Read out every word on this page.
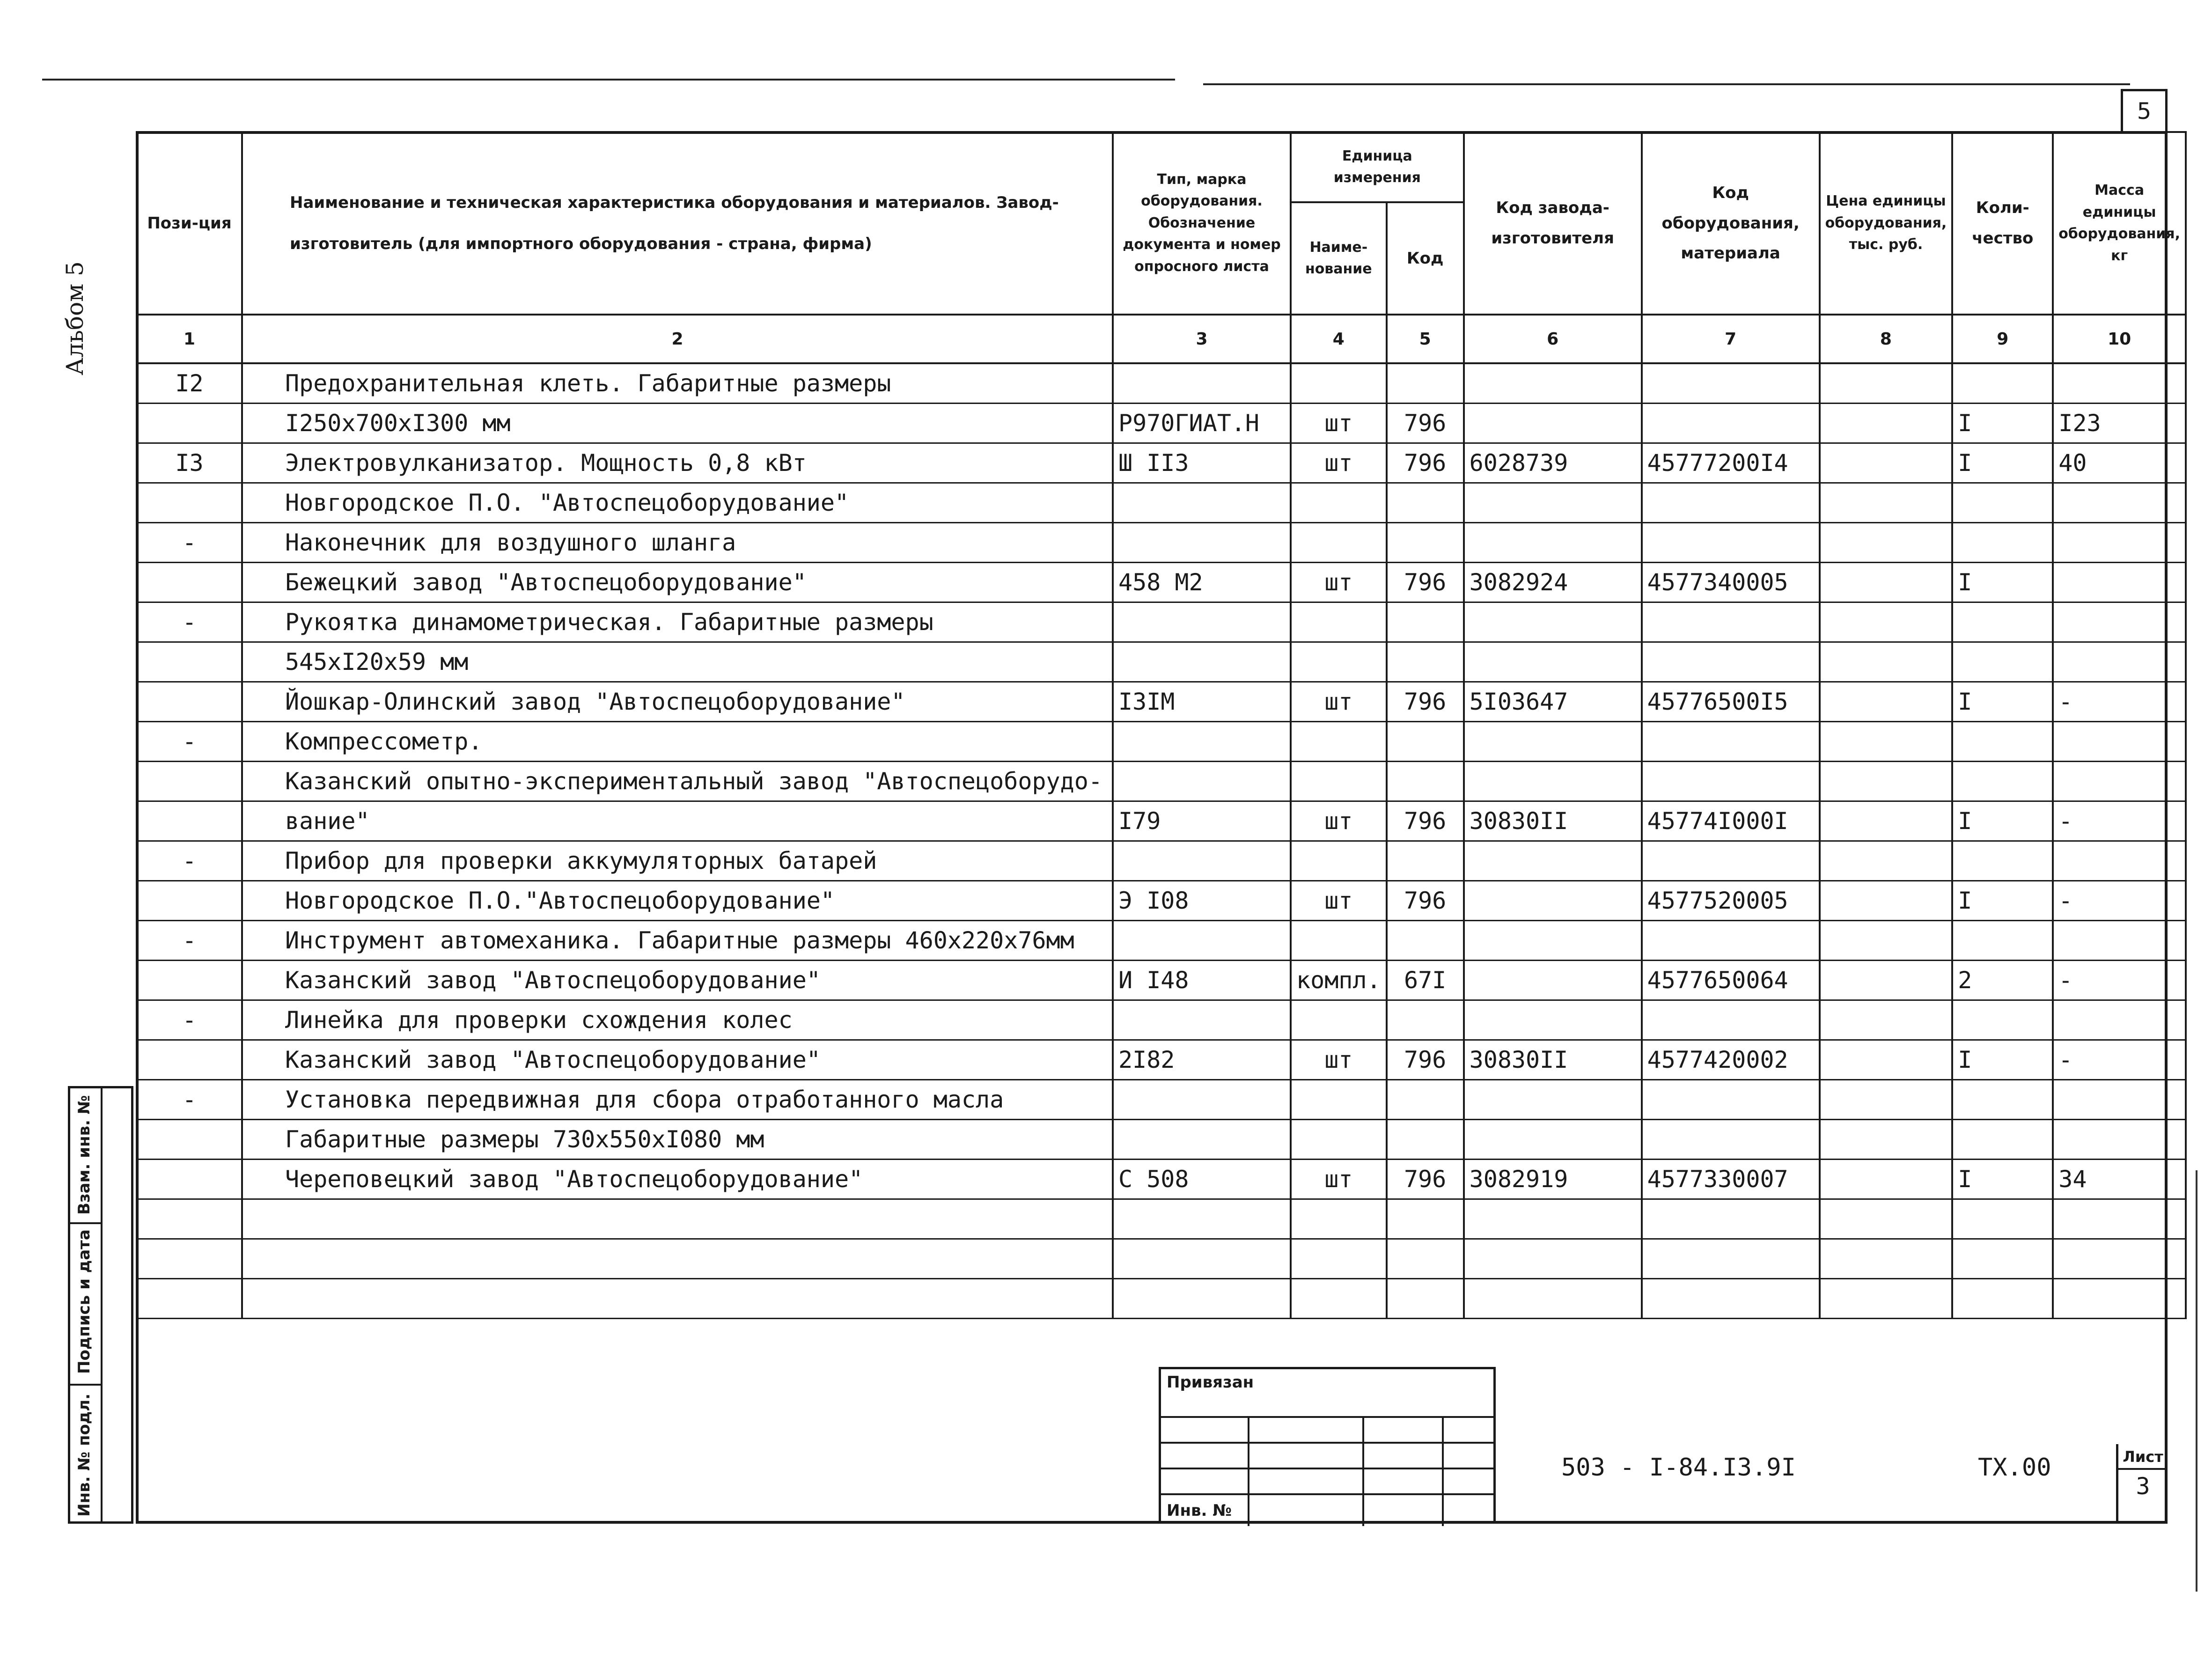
5
Альбом 5
Пози-ция	Наименование и техническая характеристика оборудования и материалов. Завод-изготовитель (для импортного оборудования - страна, фирма)	Тип, марка оборудования. Обозначение документа и номер опросного листа	Единица измерения		Код завода-изготовителя	Код оборудования, материала	Цена единицы оборудования, тыс. руб.	Коли-чество	Масса единицы оборудования, кг
			Наиме-нование	Код					
1	2	3	4	5	6	7	8	9	10
I2	Предохранительная клеть. Габаритные размеры								
	I250x700xI300 мм	Р970ГИАТ.Н	шт	796				I	I23
I3	Электровулканизатор. Мощность 0,8 кВт	Ш II3	шт	796	6028739	45777200I4		I	40
	Новгородское П.О. "Автоспецоборудование"								
-	Наконечник для воздушного шланга								
	Бежецкий завод "Автоспецоборудование"	458 М2	шт	796	3082924	4577340005		I	
-	Рукоятка динамометрическая. Габаритные размеры								
	545xI20x59 мм								
	Йошкар-Олинский завод "Автоспецоборудование"	I3IМ	шт	796	5I03647	45776500I5		I	-
-	Компрессометр.								
	Казанский опытно-экспериментальный завод "Автоспецоборудо-								
	вание"	I79	шт	796	30830II	45774I000I		I	-
-	Прибор для проверки аккумуляторных батарей								
	Новгородское П.О."Автоспецоборудование"	Э I08	шт	796		4577520005		I	-
-	Инструмент автомеханика. Габаритные размеры 460x220x76мм								
	Казанский завод "Автоспецоборудование"	И I48	компл.	67I		4577650064		2	-
-	Линейка для проверки схождения колес								
	Казанский завод "Автоспецоборудование"	2I82	шт	796	30830II	4577420002		I	-
-	Установка передвижная для сбора отработанного масла								
	Габаритные размеры 730x550xI080 мм								
	Череповецкий завод "Автоспецоборудование"	С 508	шт	796	3082919	4577330007		I	34

Взам. инв. №
Подпись и дата
Инв. № подл.
Привязан
Инв. №
503 - I-84.I3.9I	ТХ.00	Лист
3
